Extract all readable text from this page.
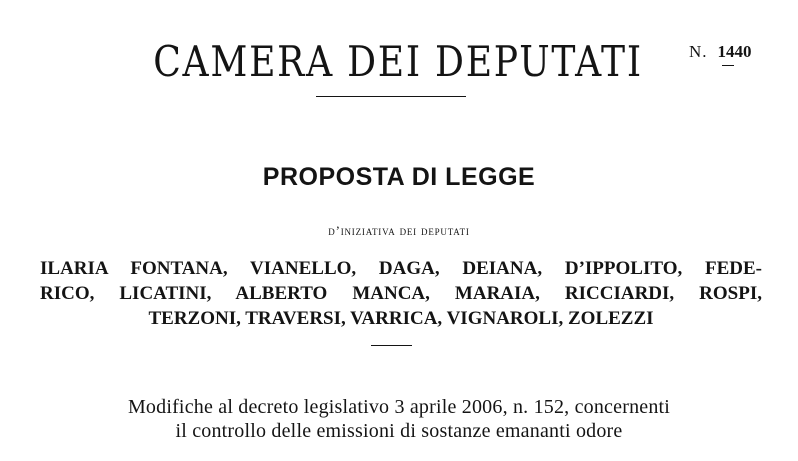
CAMERA DEI DEPUTATI	N. 1440
PROPOSTA DI LEGGE
d’iniziativa dei deputati
ILARIA FONTANA, VIANELLO, DAGA, DEIANA, D’IPPOLITO, FEDE-
RICO, LICATINI, ALBERTO MANCA, MARAIA, RICCIARDI, ROSPI,
TERZONI, TRAVERSI, VARRICA, VIGNAROLI, ZOLEZZI
Modifiche al decreto legislativo 3 aprile 2006, n. 152, concernenti
il controllo delle emissioni di sostanze emananti odore
